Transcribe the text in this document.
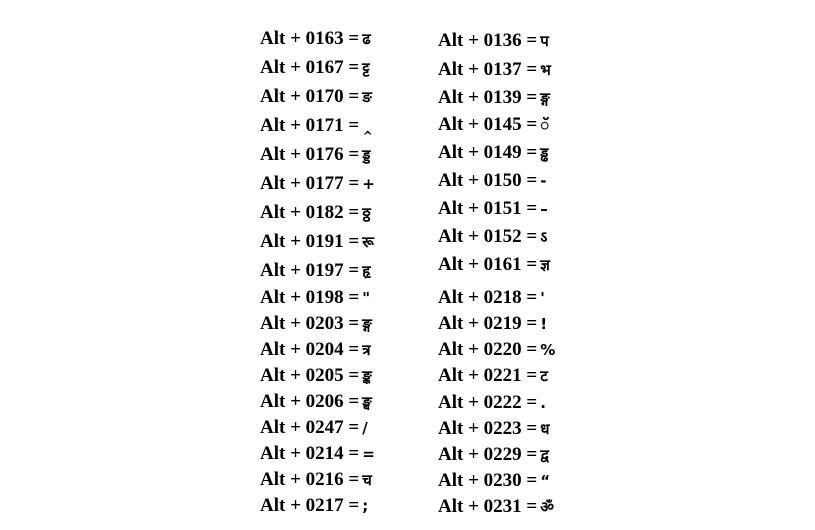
Alt + 0163 = ढ
Alt + 0167 = ट्ट
Alt + 0170 = ङ
Alt + 0171 = ‸
Alt + 0176 = ड्ड
Alt + 0177 = +
Alt + 0182 = ठ्ठ
Alt + 0191 = रू
Alt + 0197 = हृ
Alt + 0198 = "
Alt + 0203 = ङ्ग
Alt + 0204 = त्र
Alt + 0205 = ङ्क
Alt + 0206 = ङ्घ
Alt + 0247 = /
Alt + 0214 = =
Alt + 0216 = च
Alt + 0217 = ;
Alt + 0136 = प
Alt + 0137 = भ
Alt + 0139 = ङ्ग
Alt + 0145 = ॅ
Alt + 0149 = ड्ढ
Alt + 0150 = -
Alt + 0151 = –
Alt + 0152 = ऽ
Alt + 0161 = ज्ञ
Alt + 0218 = '
Alt + 0219 = !
Alt + 0220 = %
Alt + 0221 = ट
Alt + 0222 = .
Alt + 0223 = ध
Alt + 0229 = द्व
Alt + 0230 = “
Alt + 0231 = ॐ
